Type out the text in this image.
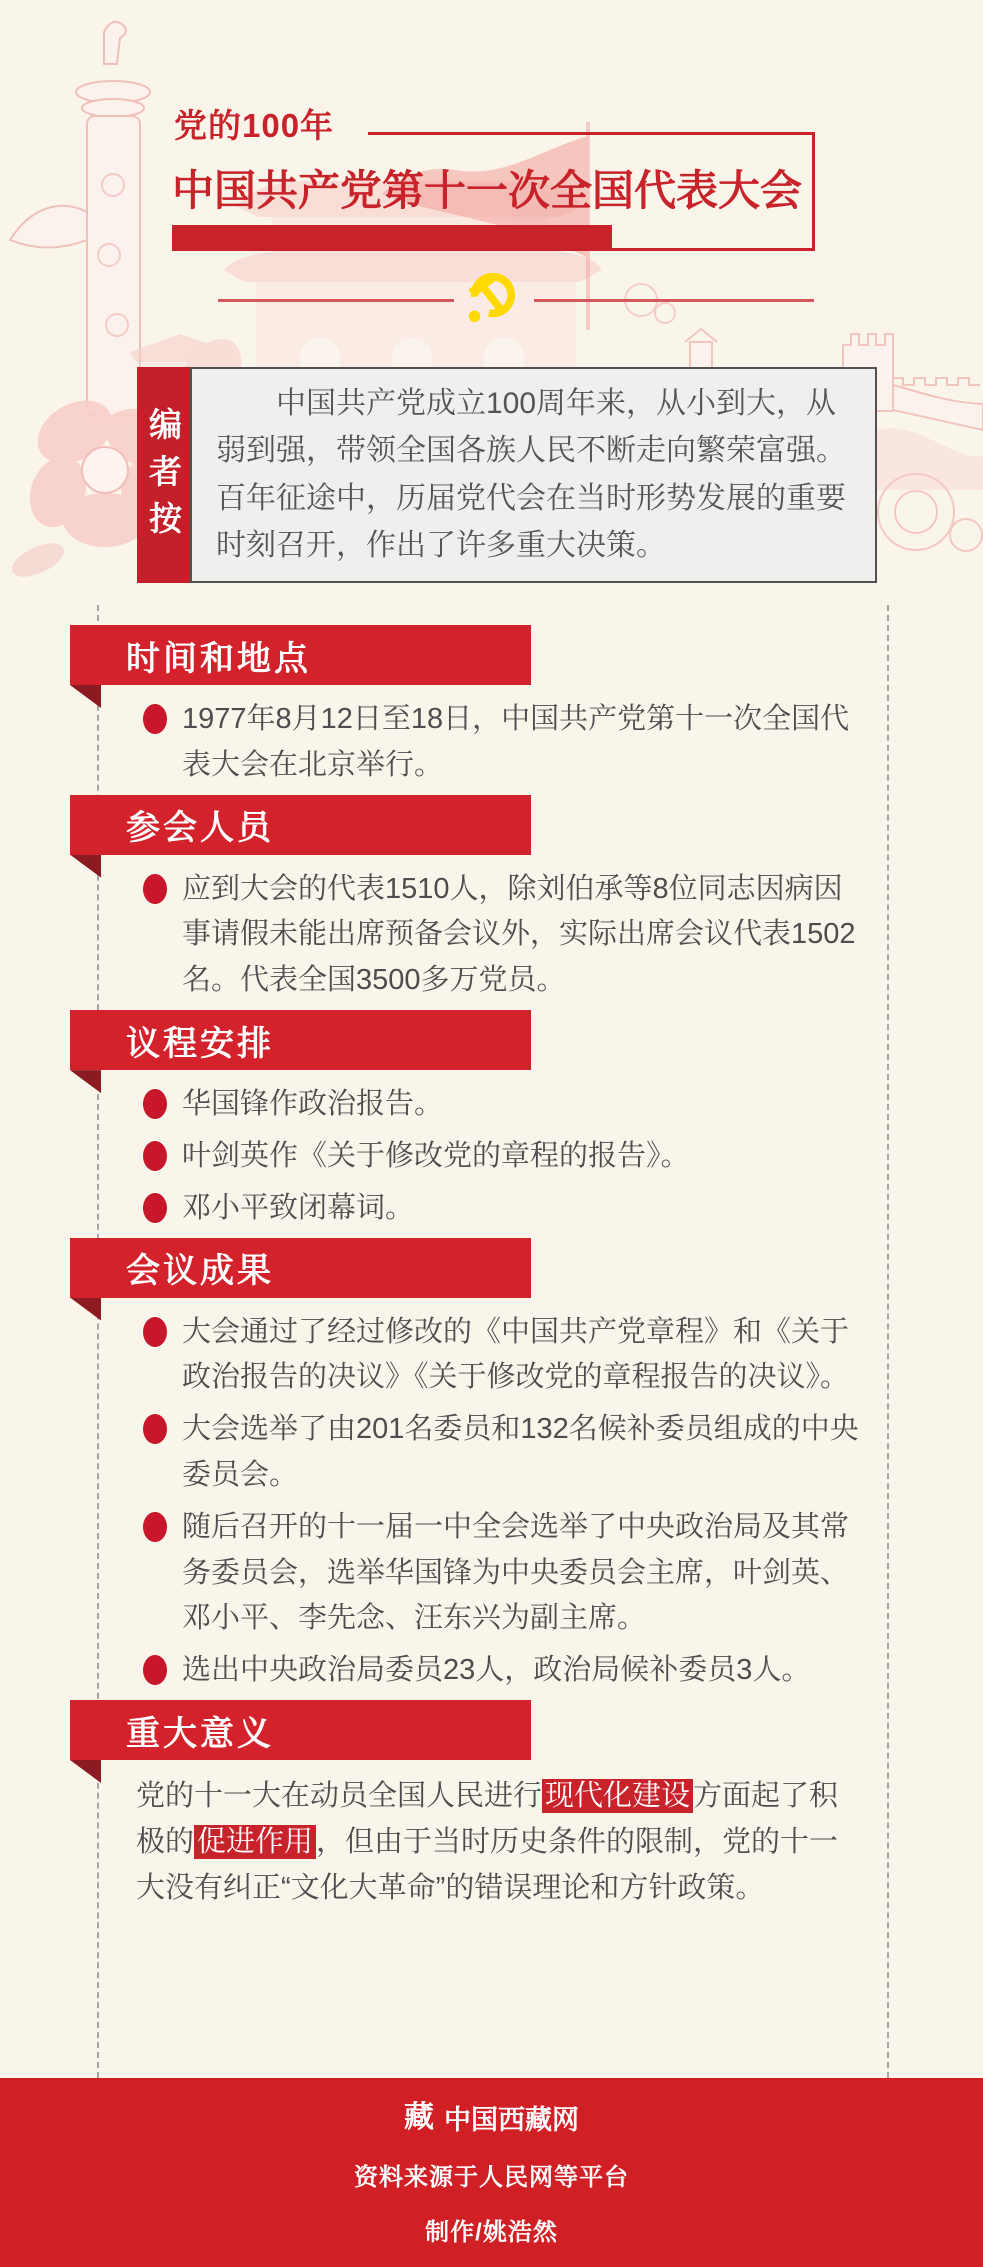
党的100年
中国共产党第十一次全国代表大会
编者按

中国共产党成立100周年来，从小到大，从弱到强，带领全国各族人民不断走向繁荣富强。百年征途中，历届党代会在当时形势发展的重要时刻召开，作出了许多重大决策。

时间和地点
1977年8月12日至18日，中国共产党第十一次全国代表大会在北京举行。
参会人员
应到大会的代表1510人，除刘伯承等8位同志因病因事请假未能出席预备会议外，实际出席会议代表1502名。代表全国3500多万党员。
议程安排
华国锋作政治报告。
叶剑英作《关于修改党的章程的报告》。
邓小平致闭幕词。
会议成果
大会通过了经过修改的《中国共产党章程》和《关于政治报告的决议》《关于修改党的章程报告的决议》。
大会选举了由201名委员和132名候补委员组成的中央委员会。
随后召开的十一届一中全会选举了中央政治局及其常务委员会，选举华国锋为中央委员会主席，叶剑英、邓小平、李先念、汪东兴为副主席。
选出中央政治局委员23人，政治局候补委员3人。
重大意义

党的十一大在动员全国人民进行 现代化建设 方面起了积极的 促进作用 ，但由于当时历史条件的限制，党的十一大没有纠正“文化大革命”的错误理论和方针政策。

藏 中国西藏网
资料来源于人民网等平台
制作/姚浩然
